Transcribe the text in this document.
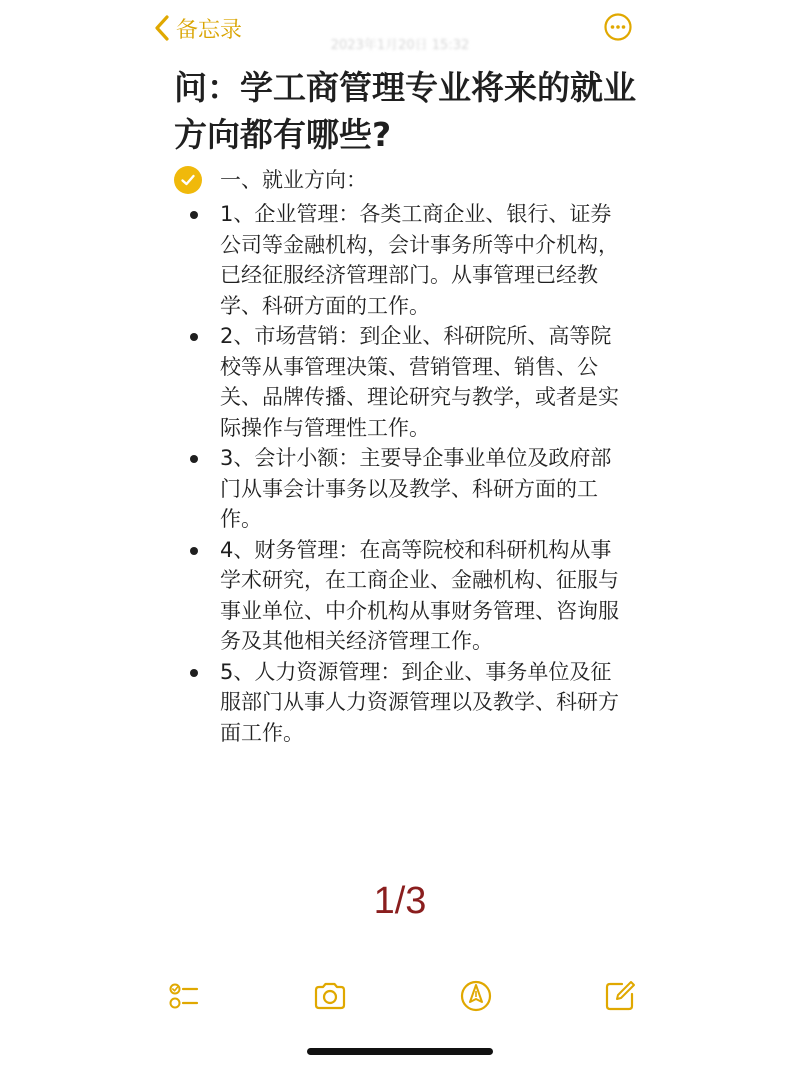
备忘录
2023年1月20日 15:32
问：学工商管理专业将来的就业方向都有哪些?
一、就业方向：
1、企业管理：各类工商企业、银行、证券公司等金融机构，会计事务所等中介机构，已经征服经济管理部门。从事管理已经教学、科研方面的工作。
2、市场营销：到企业、科研院所、高等院校等从事管理决策、营销管理、销售、公关、品牌传播、理论研究与教学，或者是实际操作与管理性工作。
3、会计小额：主要导企事业单位及政府部门从事会计事务以及教学、科研方面的工作。
4、财务管理：在高等院校和科研机构从事学术研究，在工商企业、金融机构、征服与事业单位、中介机构从事财务管理、咨询服务及其他相关经济管理工作。
5、人力资源管理：到企业、事务单位及征服部门从事人力资源管理以及教学、科研方面工作。
1/3
